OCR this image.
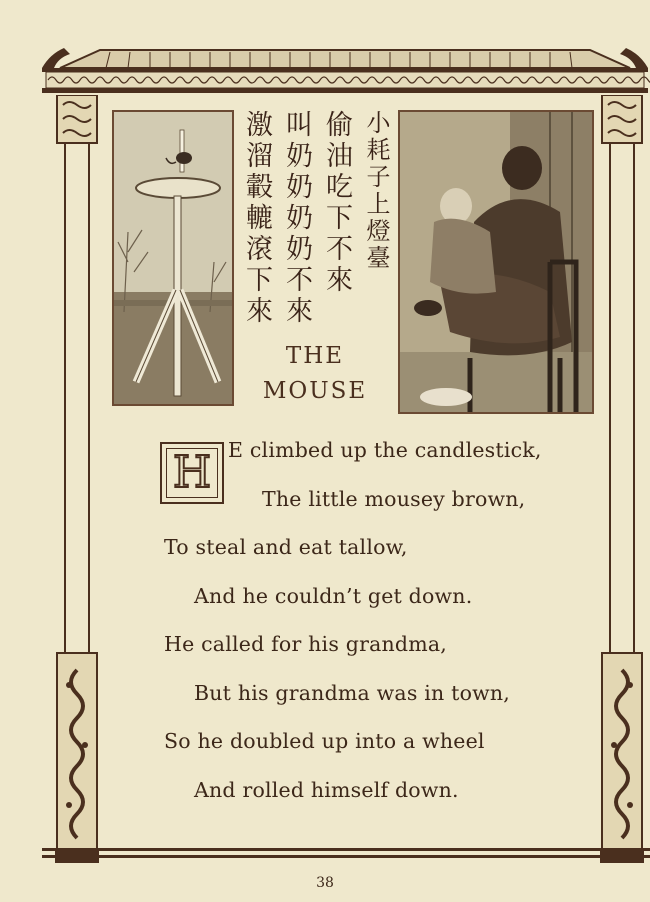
小耗子上燈臺
偷油吃下不來
叫奶奶奶奶不來
激溜轂轆滾下來
THE
MOUSE
H E climbed up the candlestick,
The little mousey brown,
To steal and eat tallow,
And he couldn’t get down.
He called for his grandma,
But his grandma was in town,
So he doubled up into a wheel
And rolled himself down.
38
